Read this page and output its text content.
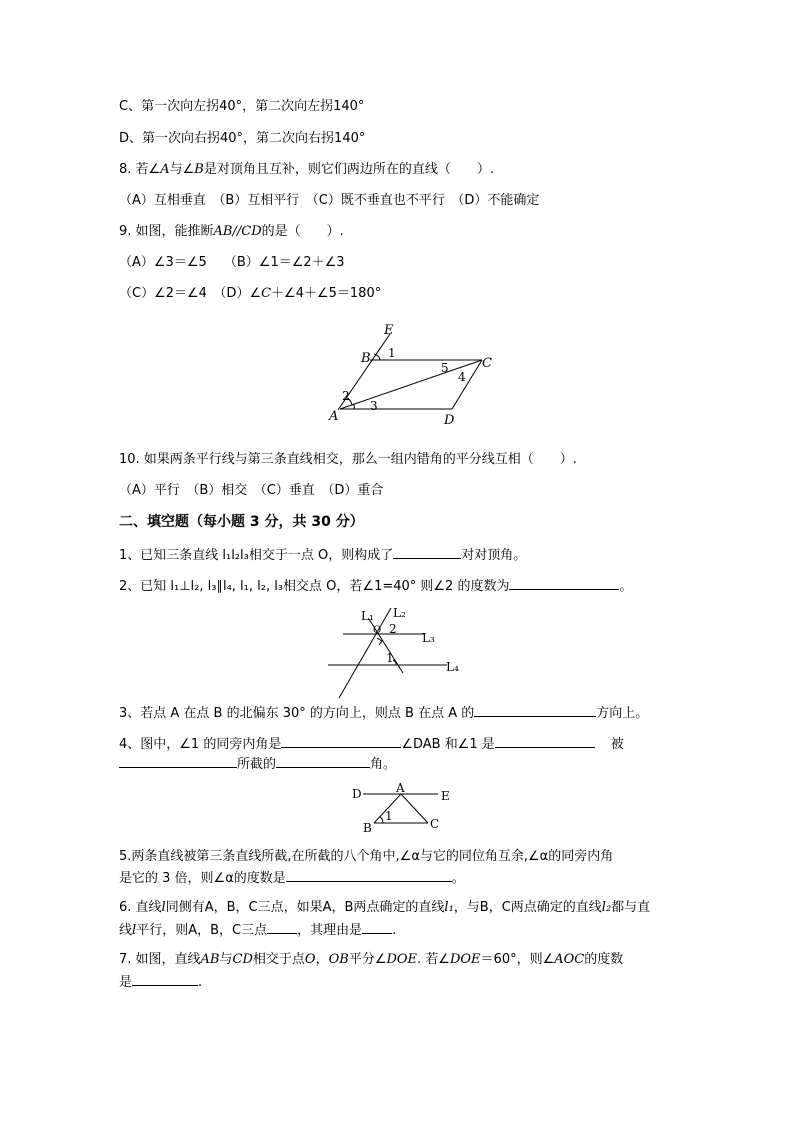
C、第一次向左拐40°，第二次向左拐140°
D、第一次向右拐40°，第二次向右拐140°
8. 若∠A与∠B是对顶角且互补，则它们两边所在的直线（　　）.
（A）互相垂直　（B）互相平行　（C）既不垂直也不平行　（D）不能确定
9. 如图，能推断AB//CD的是（　　）.
（A）∠3＝∠5　 （B）∠1＝∠2＋∠3
（C）∠2＝∠4　（D）∠C＋∠4＋∠5＝180°
E
B	C
A	D
1
2
3
4
5
10. 如果两条平行线与第三条直线相交，那么一组内错角的平分线互相（　　）.
（A）平行　（B）相交　（C）垂直　（D）重合
二、填空题（每小题 3 分，共 30 分）
1、已知三条直线 l₁l₂l₃相交于一点 O，则构成了	对对顶角。
2、已知 l₁⊥l₂, l₃∥l₄, l₁, l₂, l₃相交点 O，若∠1=40° 则∠2 的度数为	。
L₁ L₂
L₃
L₄
O 2
1
3、若点 A 在点 B 的北偏东 30° 的方向上，则点 B 在点 A 的	方向上。
4、图中，∠1 的同旁内角是	∠DAB 和∠1 是	被
所截的	角。
A
D	E
B	C
1
5.两条直线被第三条直线所截,在所截的八个角中,∠α与它的同位角互余,∠α的同旁内角
是它的 3 倍，则∠α的度数是	。
6. 直线l同侧有A，B，C三点，如果A，B两点确定的直线l₁，与B，C两点确定的直线l₂都与直
线l平行，则A，B，C三点 ，其理由是 .
7. 如图，直线AB与CD相交于点O，OB平分∠DOE. 若∠DOE＝60°，则∠AOC的度数
是	.
